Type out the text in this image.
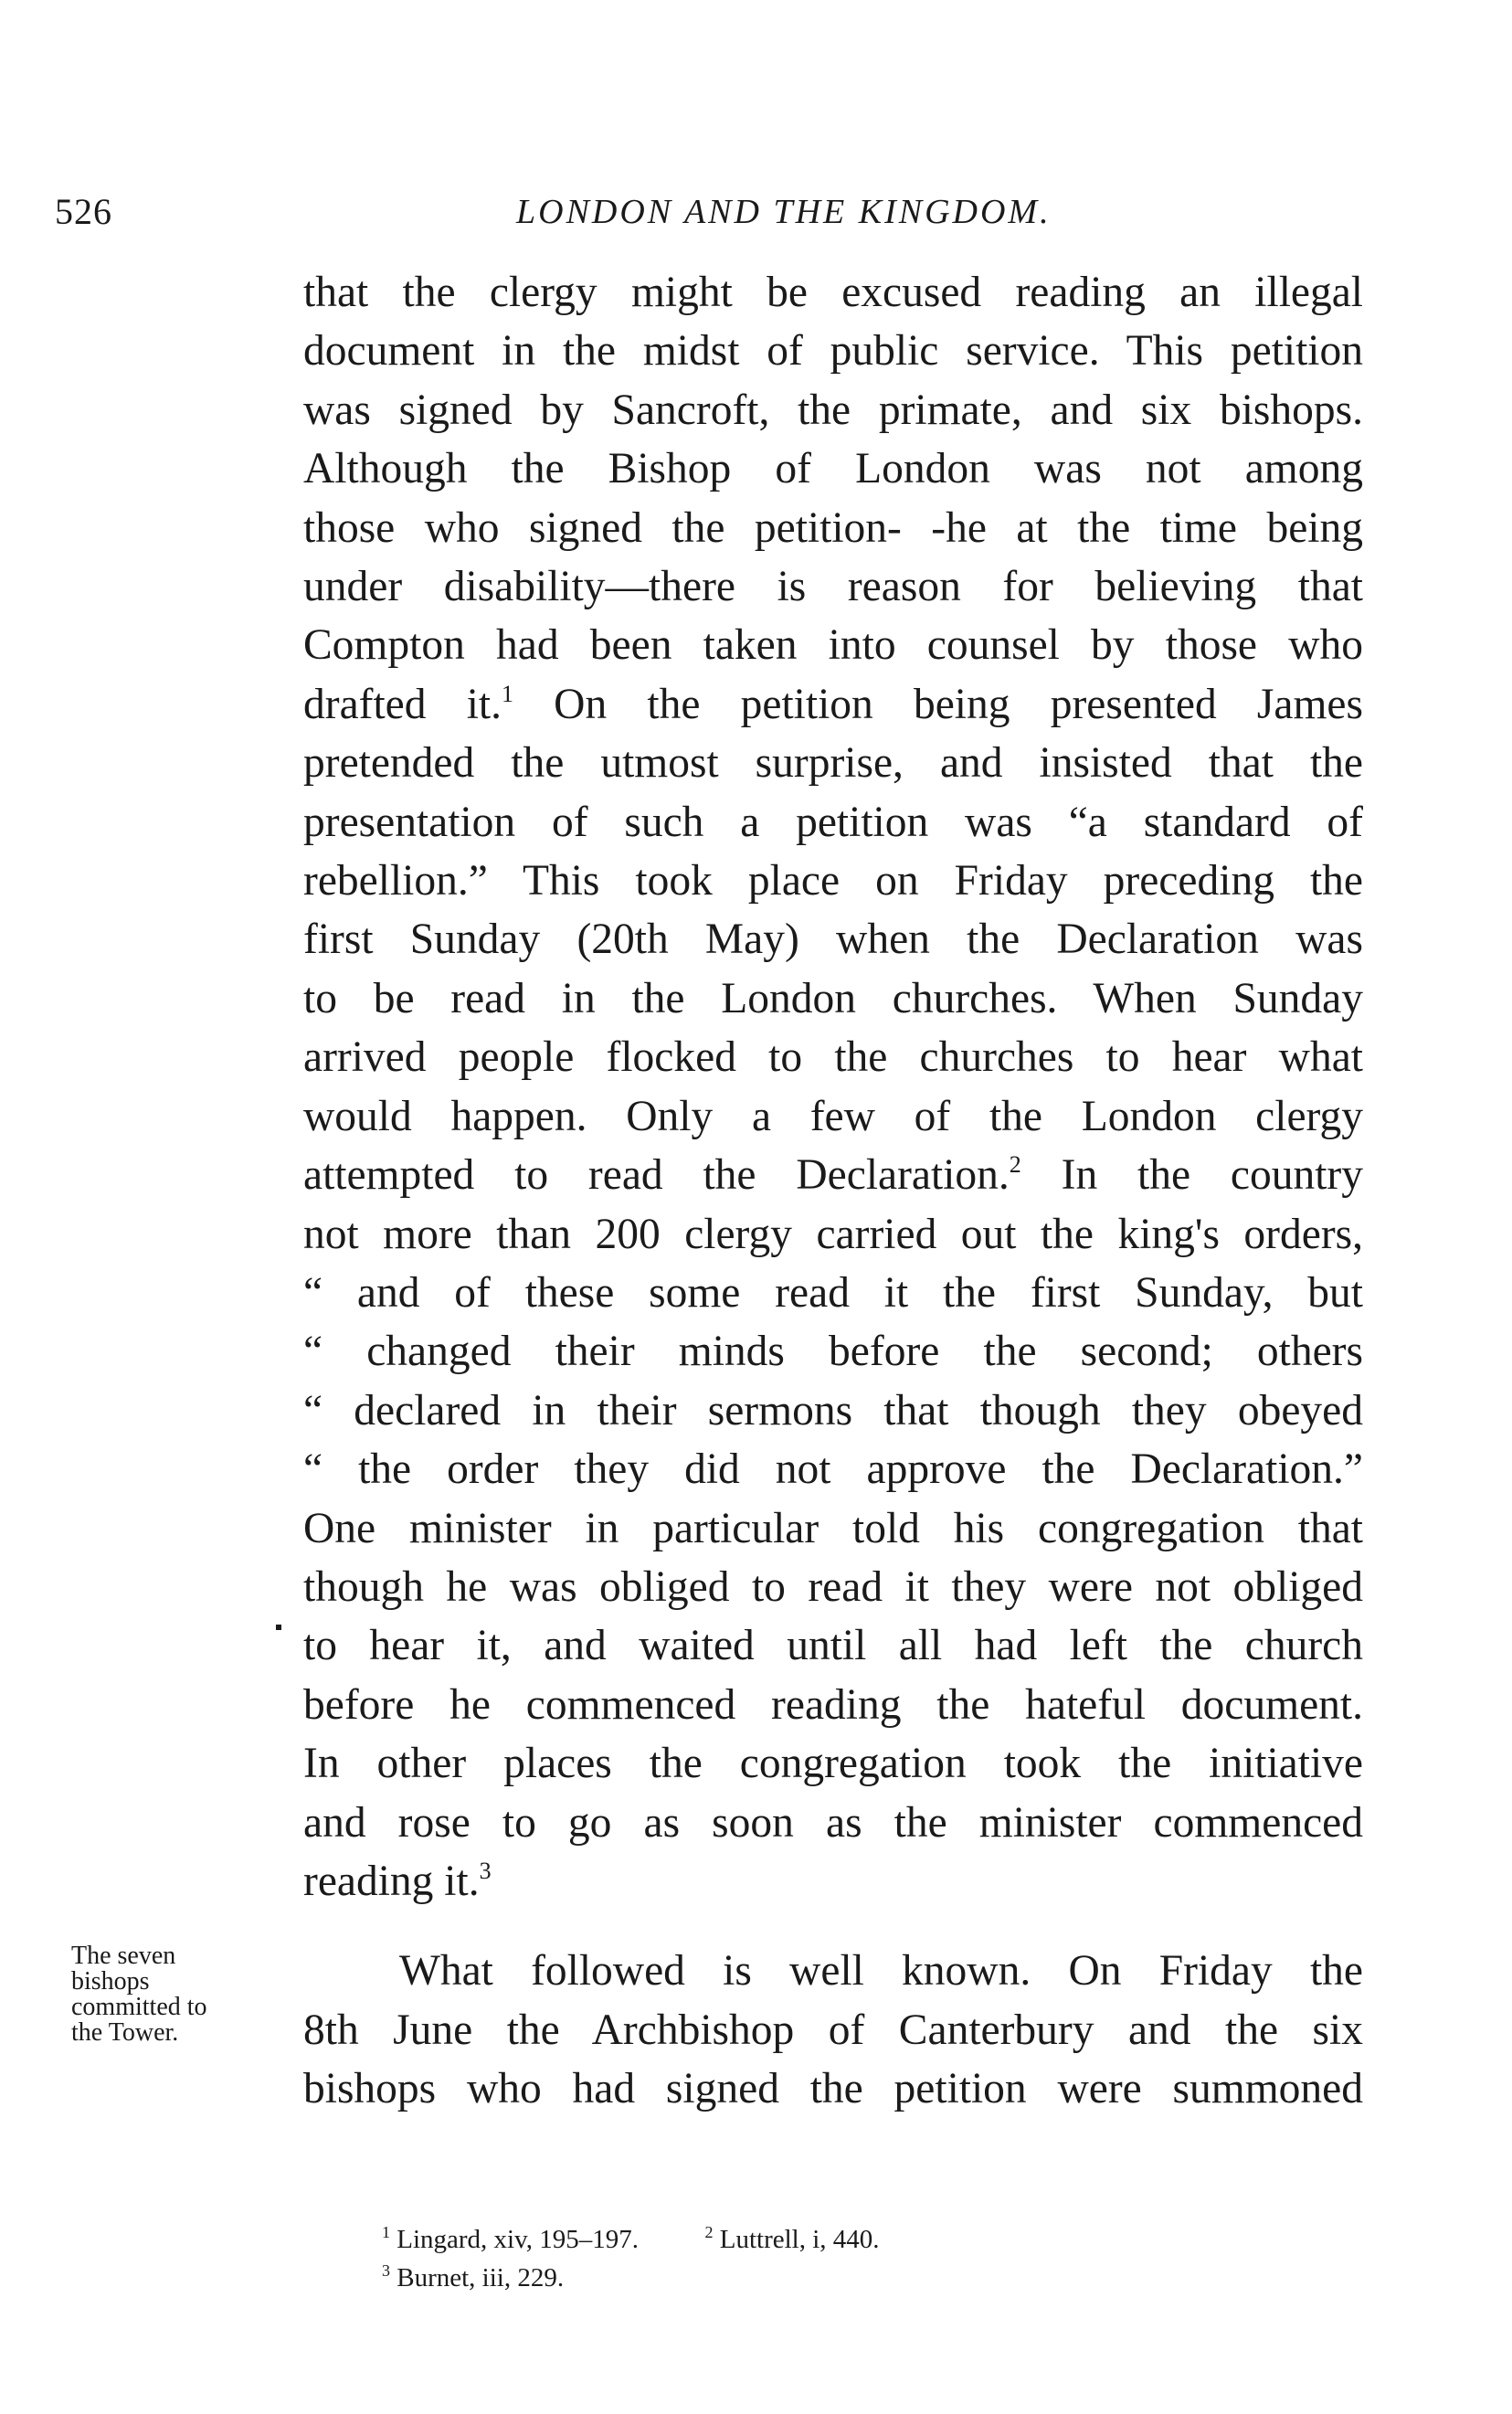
526	LONDON AND THE KINGDOM.
that the clergy might be excused reading an illegal
document in the midst of public service. This petition
was signed by Sancroft, the primate, and six bishops.
Although the Bishop of London was not among
those who signed the petition- -he at the time being
under disability—there is reason for believing that
Compton had been taken into counsel by those who
drafted it.$^1$ On the petition being presented James
pretended the utmost surprise, and insisted that the
presentation of such a petition was “a standard of
rebellion.” This took place on Friday preceding the
first Sunday (20th May) when the Declaration was
to be read in the London churches. When Sunday
arrived people flocked to the churches to hear what
would happen. Only a few of the London clergy
attempted to read the Declaration.$^2$ In the country
not more than 200 clergy carried out the king's orders,
“ and of these some read it the first Sunday, but
“ changed their minds before the second; others
“ declared in their sermons that though they obeyed
“ the order they did not approve the Declaration.”
One minister in particular told his congregation that
though he was obliged to read it they were not obliged
to hear it, and waited until all had left the church
before he commenced reading the hateful document.
In other places the congregation took the initiative
and rose to go as soon as the minister commenced
reading it.$^3$
What followed is well known. On Friday the
8th June the Archbishop of Canterbury and the six
bishops who had signed the petition were summoned
The seven
bishops
committed to
the Tower.
$^1$ Lingard, xiv, 195–197.	$^2$ Luttrell, i, 440.
$^3$ Burnet, iii, 229.
